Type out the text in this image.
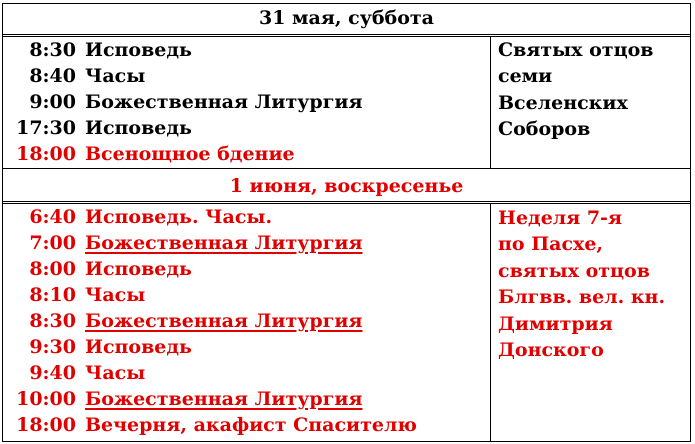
31 мая, суббота
8:30 Исповедь
8:40 Часы
9:00 Божественная Литургия
17:30 Исповедь
18:00 Всенощное бдение
Святых отцов
семи
Вселенских
Соборов
1 июня, воскресенье
6:40 Исповедь. Часы.
7:00 Божественная Литургия
8:00 Исповедь
8:10 Часы
8:30 Божественная Литургия
9:30 Исповедь
9:40 Часы
10:00 Божественная Литургия
18:00 Вечерня, акафист Спасителю
Неделя 7-я
по Пасхе,
святых отцов
Блгвв. вел. кн.
Димитрия
Донского
